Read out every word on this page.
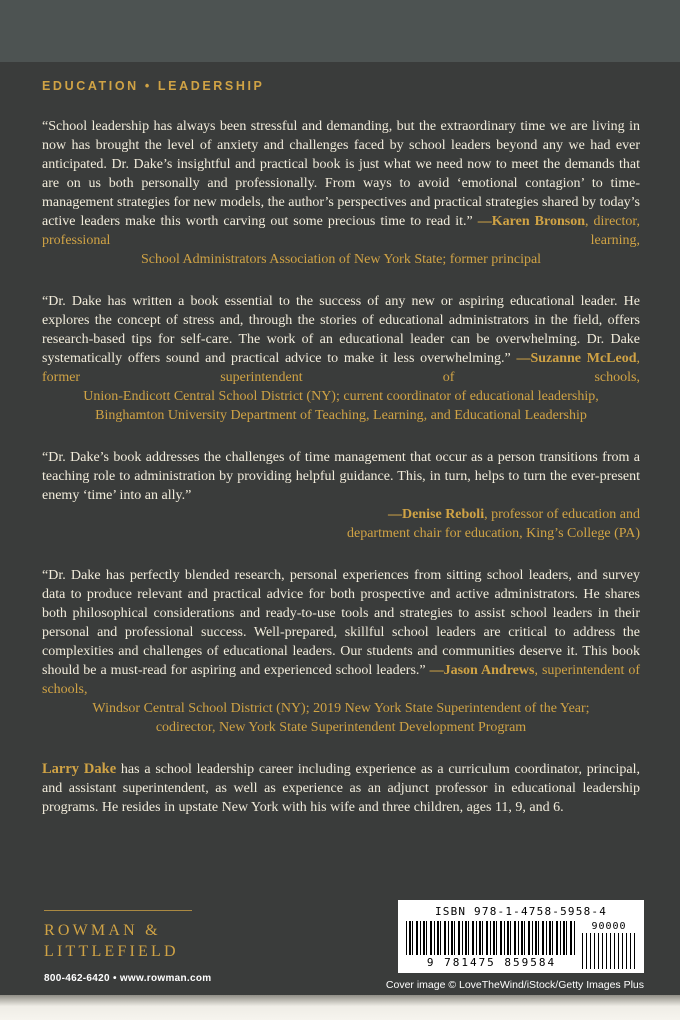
EDUCATION • LEADERSHIP

“School leadership has always been stressful and demanding, but the extraordinary time we are living in now has brought the level of anxiety and challenges faced by school leaders beyond any we had ever anticipated. Dr. Dake’s insightful and practical book is just what we need now to meet the demands that are on us both personally and professionally. From ways to avoid ‘emotional contagion’ to time-management strategies for new models, the author’s perspectives and practical strategies shared by today’s active leaders make this worth carving out some precious time to read it.” —Karen Bronson, director, professional learning,

School Administrators Association of New York State; former principal

“Dr. Dake has written a book essential to the success of any new or aspiring educational leader. He explores the concept of stress and, through the stories of educational administrators in the field, offers research-based tips for self-care. The work of an educational leader can be overwhelming. Dr. Dake systematically offers sound and practical advice to make it less overwhelming.” —Suzanne McLeod, former superintendent of schools,

Union-Endicott Central School District (NY); current coordinator of educational leadership,
Binghamton University Department of Teaching, Learning, and Educational Leadership

“Dr. Dake’s book addresses the challenges of time management that occur as a person transitions from a teaching role to administration by providing helpful guidance. This, in turn, helps to turn the ever-present enemy ‘time’ into an ally.”

—Denise Reboli, professor of education and
department chair for education, King’s College (PA)

“Dr. Dake has perfectly blended research, personal experiences from sitting school leaders, and survey data to produce relevant and practical advice for both prospective and active administrators. He shares both philosophical considerations and ready-to-use tools and strategies to assist school leaders in their personal and professional success. Well-prepared, skillful school leaders are critical to address the complexities and challenges of educational leaders. Our students and communities deserve it. This book should be a must-read for aspiring and experienced school leaders.” —Jason Andrews, superintendent of schools,

Windsor Central School District (NY); 2019 New York State Superintendent of the Year;
codirector, New York State Superintendent Development Program

Larry Dake has a school leadership career including experience as a curriculum coordinator, principal, and assistant superintendent, as well as experience as an adjunct professor in educational leadership programs. He resides in upstate New York with his wife and three children, ages 11, 9, and 6.

ROWMAN &
LITTLEFIELD
800-462-6420 • www.rowman.com
ISBN 978-1-4758-5958-4
9 781475 859584
90000
Cover image © LoveTheWind/iStock/Getty Images Plus
